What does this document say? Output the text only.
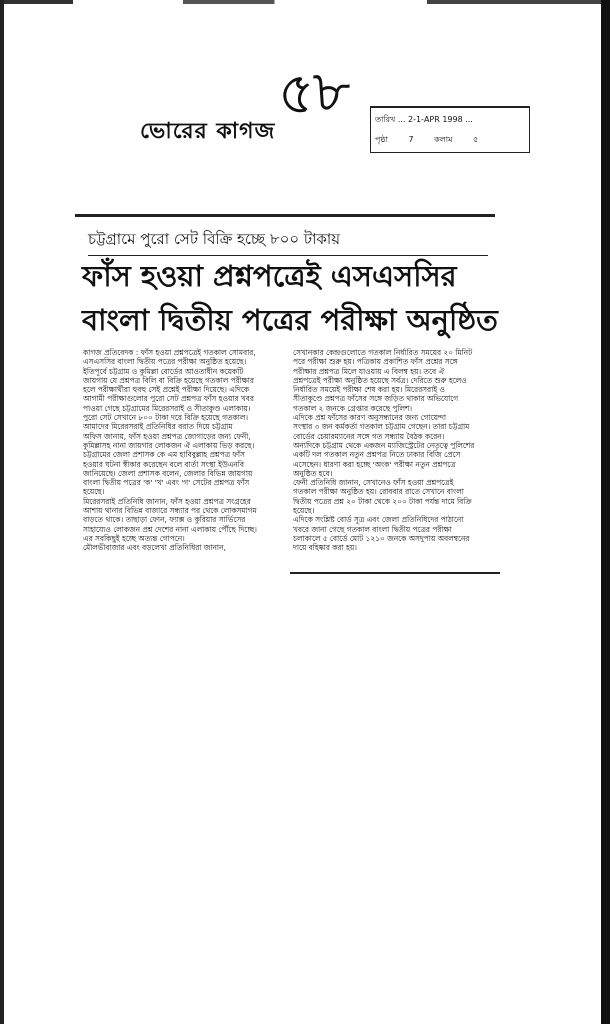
৫৮
ভোরের কাগজ	তারিখ ... 2-1-APR 1998 ...
পৃষ্ঠা	7	কলাম	৫
চট্টগ্রামে পুরো সেট বিক্রি হচ্ছে ৮০০ টাকায়
ফাঁস হওয়া প্রশ্নপত্রেই এসএসসির
বাংলা দ্বিতীয় পত্রের পরীক্ষা অনুষ্ঠিত
কাগজ প্রতিবেদক : ফাঁস হওয়া প্রশ্নপত্রেই গতকাল সোমবার,
এসএসসির বাংলা দ্বিতীয় পত্রের পরীক্ষা অনুষ্ঠিত হয়েছে।
ইতিপূর্বে চট্টগ্রাম ও কুমিল্লা বোর্ডের আওতাধীন কয়েকটি
জায়গায় যে প্রশ্নপত্র বিলি বা বিক্রি হয়েছে গতকাল পরীক্ষার
হলে পরীক্ষার্থীরা হুবহু সেই প্রশ্নেই পরীক্ষা দিয়েছে। এদিকে
আগামী পরীক্ষাগুলোর পুরো সেট প্রশ্নপত্র ফাঁস হওয়ার খবর
পাওয়া গেছে চট্টগ্রামের মিরেরসরাই ও সীতাকুণ্ড এলাকায়।
পুরো সেট সেখানে ৮০০ টাকা দরে বিক্রি হয়েছে গতকাল।
আমাদের মিরেরসরাই প্রতিনিধির বরাত দিয়ে চট্টগ্রাম
অফিস জানায়, ফাঁস হওয়া প্রশ্নপত্র জোগাড়ের জন্য ফেনী,
কুমিল্লাসহ নানা জায়গার লোকজন ঐ এলাকায় ভিড় করছে।
চট্টগ্রামের জেলা প্রশাসক কে এম হাবিবুল্লাহ প্রশ্নপত্র ফাঁস
হওয়ার ঘটনা স্বীকার করেছেন বলে বার্তা সংস্থা ইউএনবি
জানিয়েছে। জেলা প্রশাসক বলেন, জেলার বিভিন্ন জায়গায়
বাংলা দ্বিতীয় পত্রের 'ক' 'খ' এবং 'গ' সেটের প্রশ্নপত্র ফাঁস
হয়েছে।
মিরেরসরাই প্রতিনিধি জানান, ফাঁস হওয়া প্রশ্নপত্র সংগ্রহের
আশায় থানার বিভিন্ন বাজারে সন্ধ্যার পর থেকে লোকসমাগম
বাড়তে থাকে। তাছাড়া ফোন, ফ্যাক্স ও কুরিয়ার সার্ভিসের
সাহায্যেও লোকজন প্রশ্ন দেশের নানা এলাকায় পৌঁছে দিচ্ছে।
এর সবকিছুই হচ্ছে অত্যন্ত গোপনে।
মৌলভীবাজার এবং বড়লেখা প্রতিনিধিরা জানান,
সেখানকার কেন্দ্রগুলোতে গতকাল নির্ধারিত সময়ের ২০ মিনিট
পরে পরীক্ষা শুরু হয়। পত্রিকায় প্রকাশিত ফাঁস প্রশ্নের সঙ্গে
পরীক্ষার প্রশ্নপত্র মিলে যাওয়ায় এ বিলম্ব হয়। তবে ঐ
প্রশ্নপত্রেই পরীক্ষা অনুষ্ঠিত হয়েছে সর্বত্র। দেরিতে শুরু হলেও
নির্ধারিত সময়েই পরীক্ষা শেষ করা হয়। মিরেরসরাই ও
সীতাকুণ্ডে প্রশ্নপত্র ফাঁসের সঙ্গে জড়িত থাকার অভিযোগে
গতকাল ২ জনকে গ্রেপ্তার করেছে পুলিশ।
এদিকে প্রশ্ন ফাঁসের কারণ অনুসন্ধানের জন্য গোয়েন্দা
সংস্থার ৩ জন কর্মকর্তা গতকাল চট্টগ্রাম গেছেন। তারা চট্টগ্রাম
বোর্ডের চেয়ারম্যানের সঙ্গে গত সন্ধ্যায় বৈঠক করেন।
অন্যদিকে চট্টগ্রাম থেকে একজন ম্যাজিস্ট্রেটের নেতৃত্বে পুলিশের
একটি দল গতকাল নতুন প্রশ্নপত্র নিতে ঢাকার বিজি প্রেসে
এসেছেন। ধারণা করা হচ্ছে 'অংক' পরীক্ষা নতুন প্রশ্নপত্রে
অনুষ্ঠিত হবে।
ফেনী প্রতিনিধি জানান, সেখানেও ফাঁস হওয়া প্রশ্নপত্রেই
গতকাল পরীক্ষা অনুষ্ঠিত হয়। রোববার রাতে সেখানে বাংলা
দ্বিতীয় পত্রের প্রশ্ন ২০ টাকা থেকে ২০০ টাকা পর্যন্ত দামে বিক্রি
হয়েছে।
এদিকে সংশ্লিষ্ট বোর্ড সূত্র এবং জেলা প্রতিনিধিদের পাঠানো
খবরে জানা গেছে গতকাল বাংলা দ্বিতীয় পত্রের পরীক্ষা
চলাকালে ৫ বোর্ডে মোট ১২১০ জনকে অসদুপায় অবলম্বনের
দায়ে বহিষ্কার করা হয়।
